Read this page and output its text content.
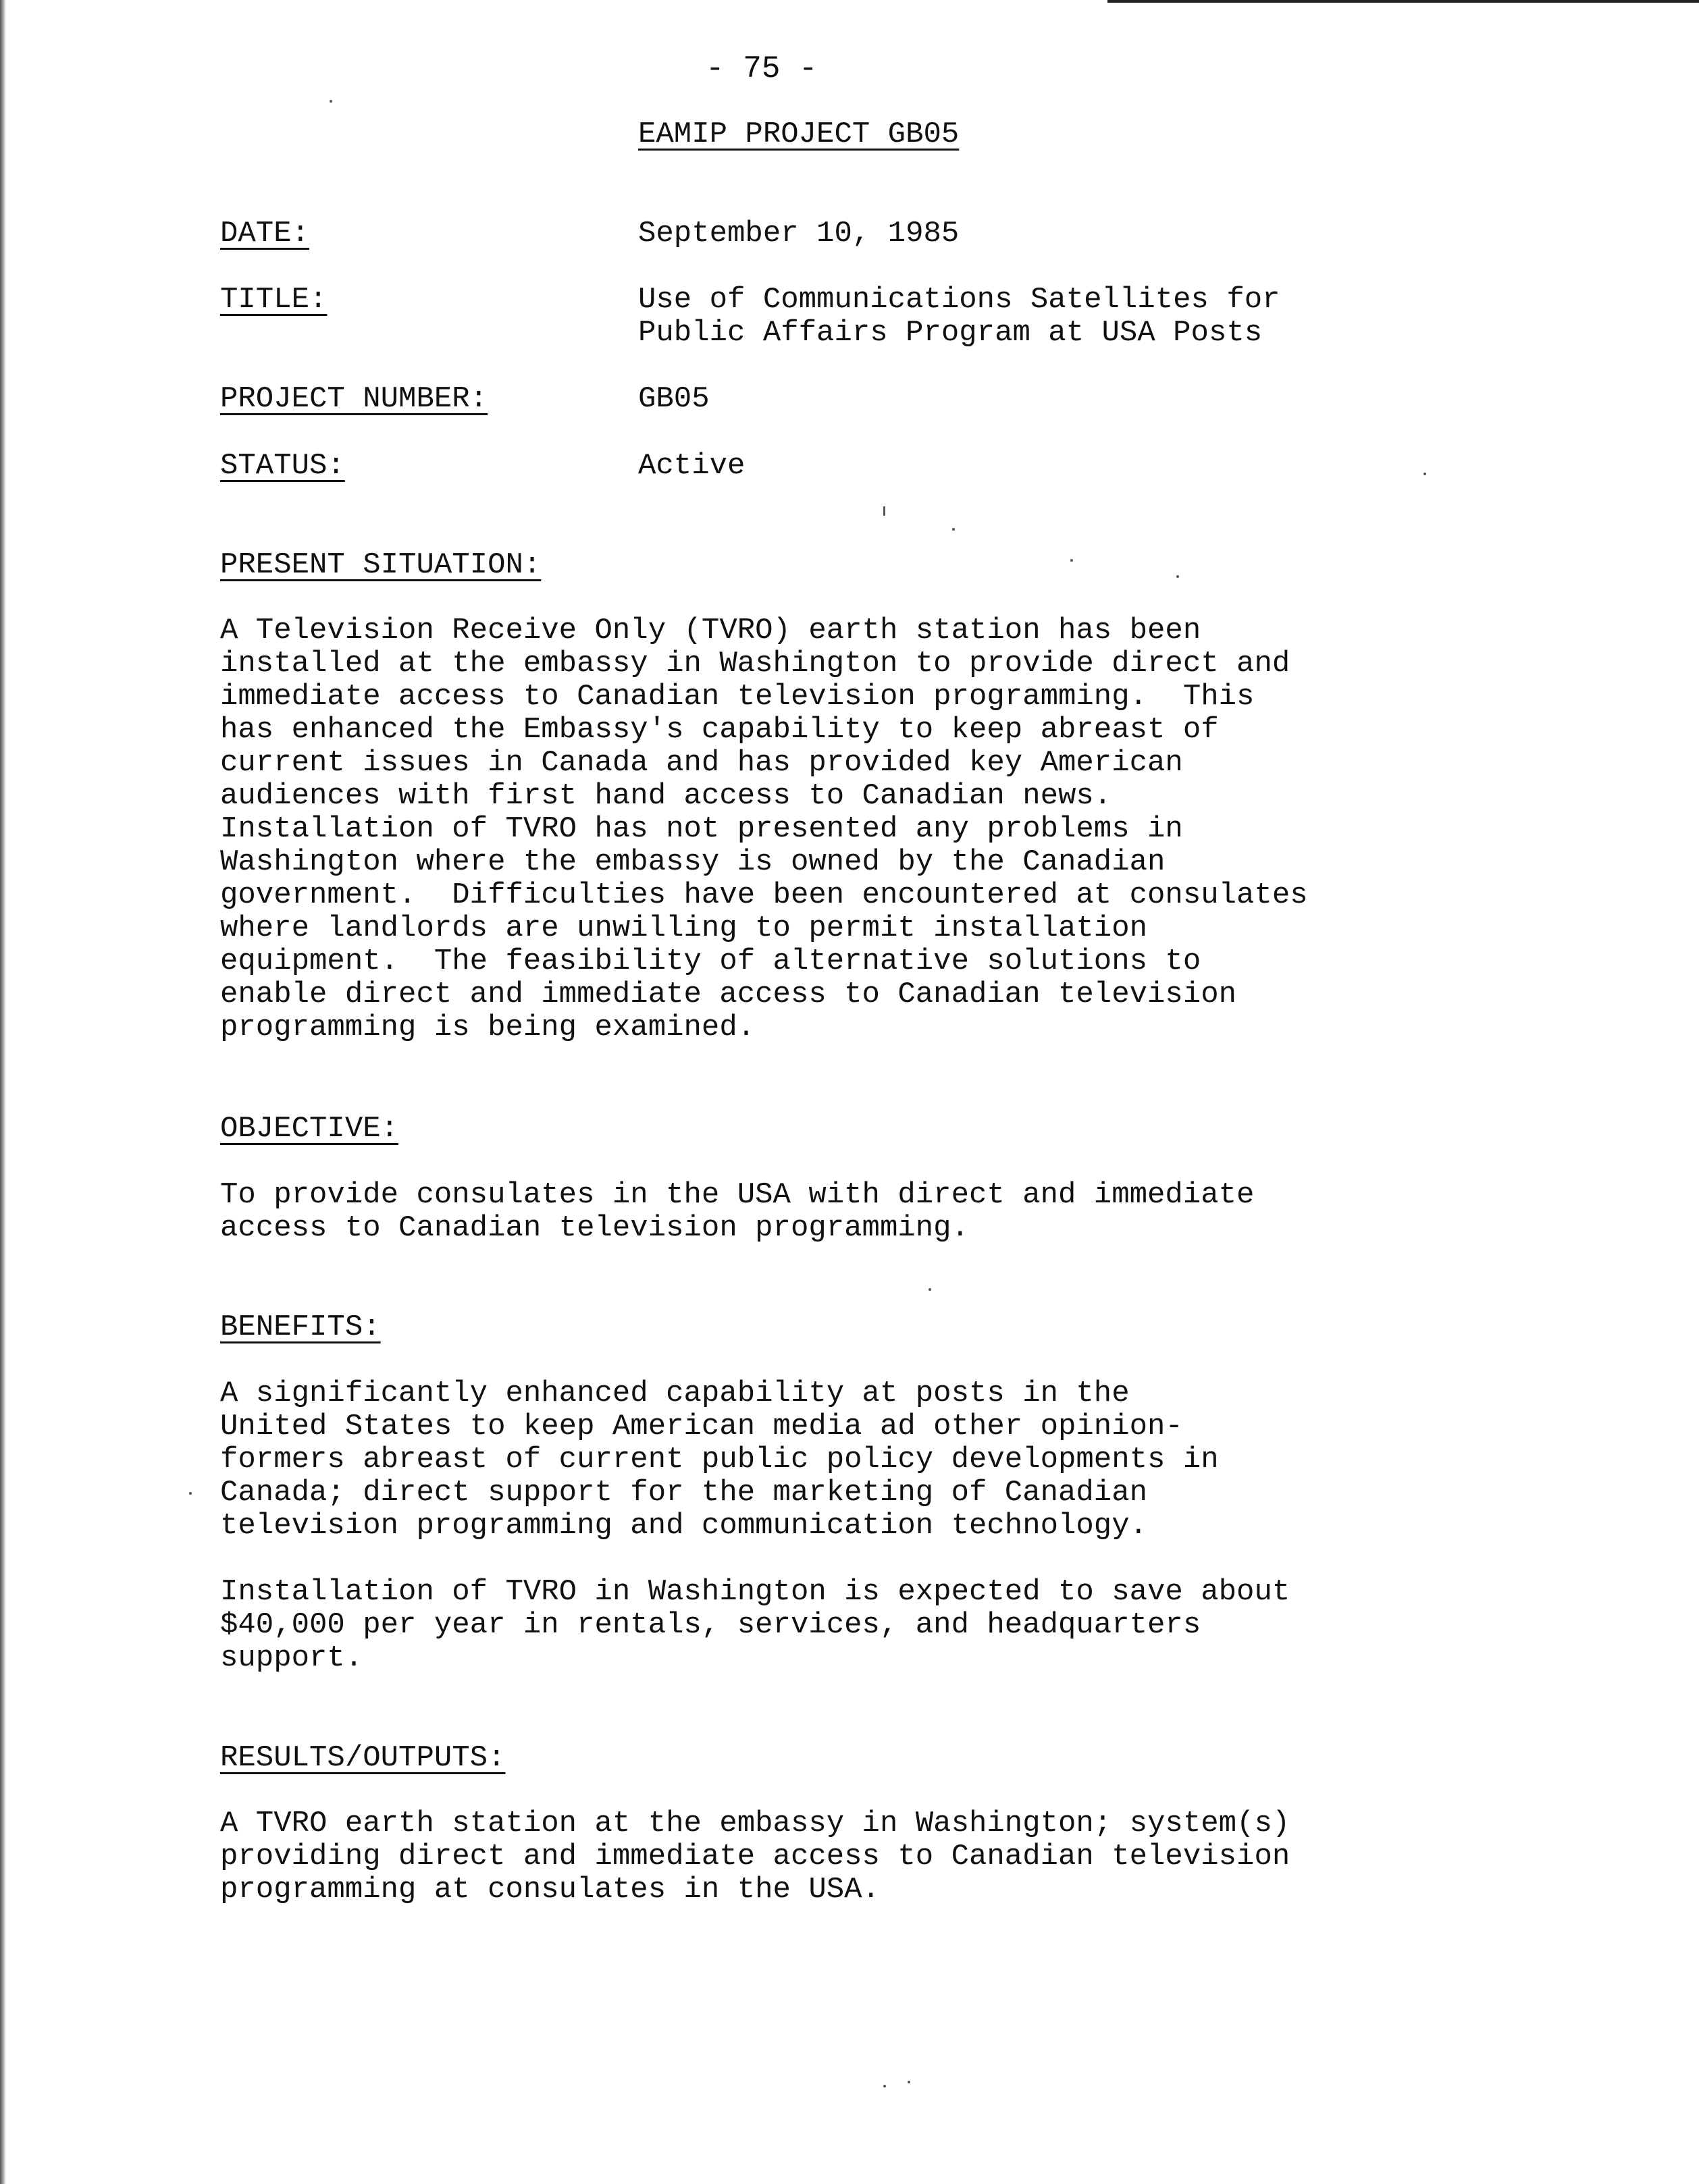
- 75 -
EAMIP PROJECT GB05
DATE:	September 10, 1985
TITLE:	Use of Communications Satellites for
Public Affairs Program at USA Posts
PROJECT NUMBER:	GB05
STATUS:	Active
PRESENT SITUATION:
A Television Receive Only (TVRO) earth station has been
installed at the embassy in Washington to provide direct and
immediate access to Canadian television programming.  This
has enhanced the Embassy's capability to keep abreast of
current issues in Canada and has provided key American
audiences with first hand access to Canadian news.
Installation of TVRO has not presented any problems in
Washington where the embassy is owned by the Canadian
government.  Difficulties have been encountered at consulates
where landlords are unwilling to permit installation
equipment.  The feasibility of alternative solutions to
enable direct and immediate access to Canadian television
programming is being examined.
OBJECTIVE:
To provide consulates in the USA with direct and immediate
access to Canadian television programming.
BENEFITS:
A significantly enhanced capability at posts in the
United States to keep American media ad other opinion-
formers abreast of current public policy developments in
Canada; direct support for the marketing of Canadian
television programming and communication technology.
Installation of TVRO in Washington is expected to save about
$40,000 per year in rentals, services, and headquarters
support.
RESULTS/OUTPUTS:
A TVRO earth station at the embassy in Washington; system(s)
providing direct and immediate access to Canadian television
programming at consulates in the USA.
